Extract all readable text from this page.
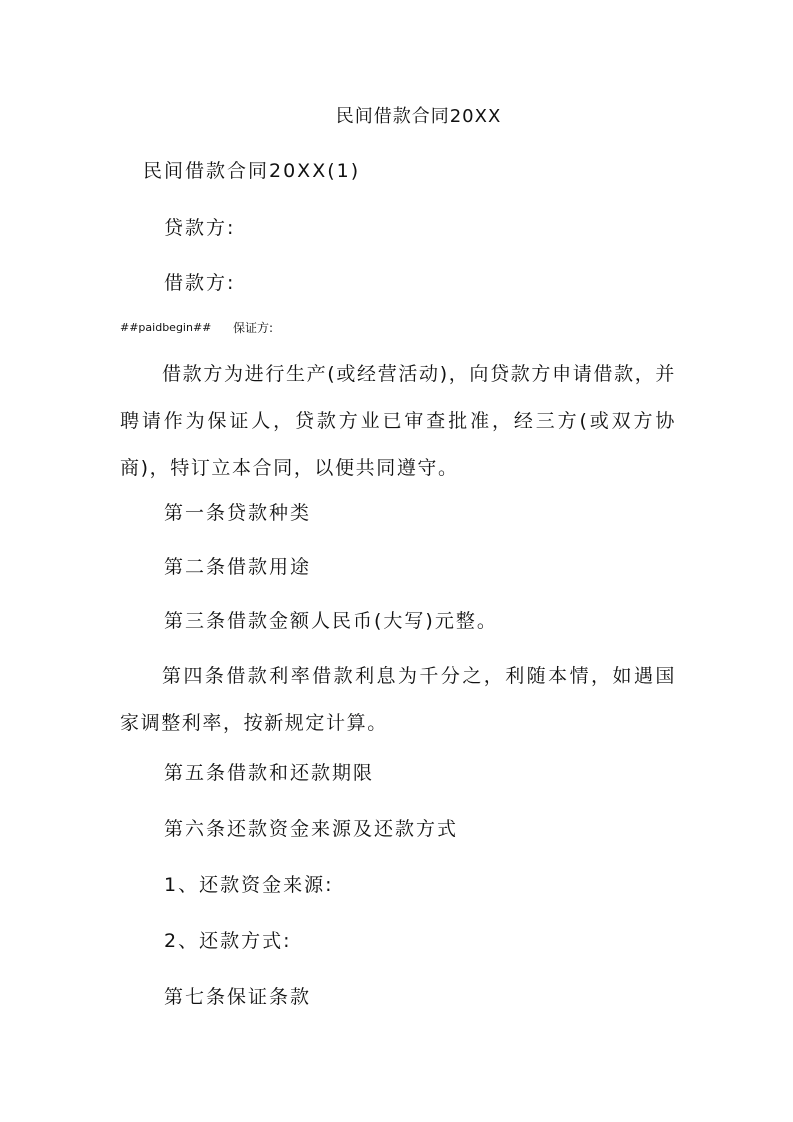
民间借款合同20XX
民间借款合同20XX(1)
贷款方:
借款方:
##paidbegin## 保证方:

借款方为进行生产(或经营活动)，向贷款方申请借款，并聘请作为保证人，贷款方业已审查批准，经三方(或双方协商)，特订立本合同，以便共同遵守。

第一条贷款种类
第二条借款用途
第三条借款金额人民币(大写)元整。

第四条借款利率借款利息为千分之，利随本情，如遇国家调整利率，按新规定计算。

第五条借款和还款期限
第六条还款资金来源及还款方式
1、还款资金来源:
2、还款方式:
第七条保证条款
